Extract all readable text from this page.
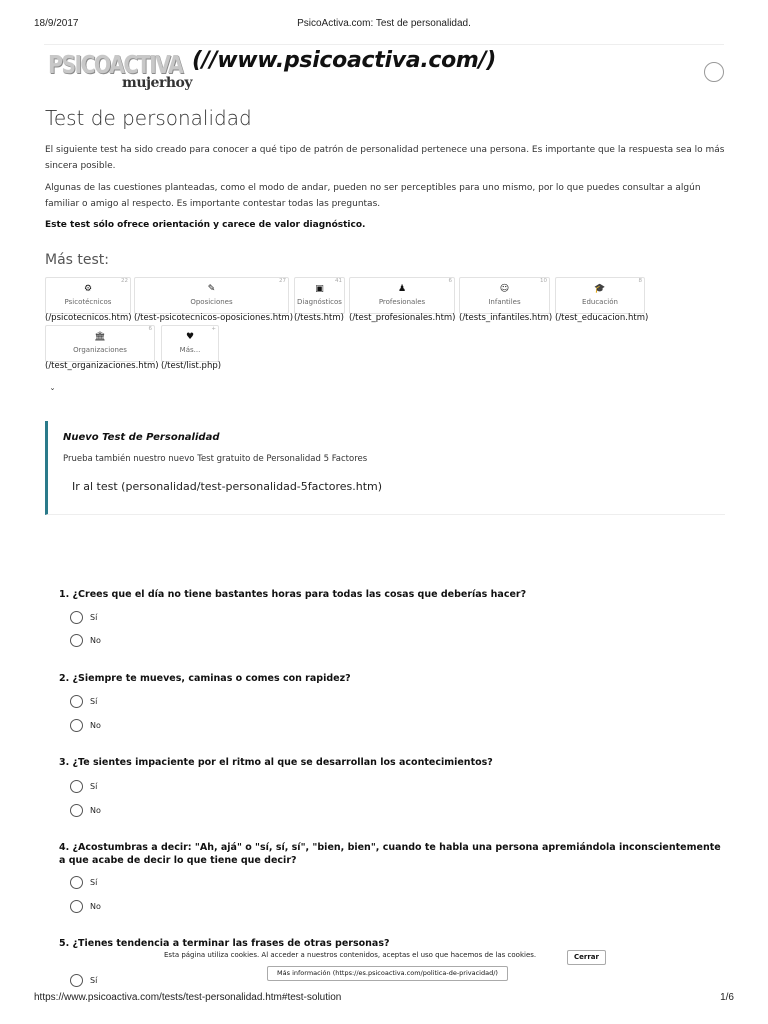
18/9/2017	PsicoActiva.com: Test de personalidad.
PSICOACTIVA
mujerhoy
(//www.psicoactiva.com/)
Test de personalidad

El siguiente test ha sido creado para conocer a qué tipo de patrón de personalidad pertenece una persona. Es importante que la respuesta sea lo más sincera posible.

Algunas de las cuestiones planteadas, como el modo de andar, pueden no ser perceptibles para uno mismo, por lo que puedes consultar a algún familiar o amigo al respecto. Es importante contestar todas las preguntas.

Este test sólo ofrece orientación y carece de valor diagnóstico.

Más test:
⚙
Psicotécnicos
22
(/psicotecnicos.htm)
✎
Oposiciones
27
(/test-psicotecnicos-oposiciones.htm)
▣
Diagnósticos
41
(/tests.htm)
♟
Profesionales
6
(/test_profesionales.htm)
☺
Infantiles
10
(/tests_infantiles.htm)
🎓
Educación
8
(/test_educacion.htm)
🏛
Organizaciones
6
(/test_organizaciones.htm)
♥
Más...
+
(/test/list.php)
ˇ
Nuevo Test de Personalidad
Prueba también nuestro nuevo Test gratuito de Personalidad 5 Factores
Ir al test (personalidad/test-personalidad-5factores.htm)
1. ¿Crees que el día no tiene bastantes horas para todas las cosas que deberías hacer?
Sí
No
2. ¿Siempre te mueves, caminas o comes con rapidez?
Sí
No
3. ¿Te sientes impaciente por el ritmo al que se desarrollan los acontecimientos?
Sí
No
4. ¿Acostumbras a decir: "Ah, ajá" o "sí, sí, sí", "bien, bien", cuando te habla una persona apremiándola inconscientemente a que acabe de decir lo que tiene que decir?
Sí
No
5. ¿Tienes tendencia a terminar las frases de otras personas?
Sí
Esta página utiliza cookies. Al acceder a nuestros contenidos, aceptas el uso que hacemos de las cookies.	Cerrar
Más información (https://es.psicoactiva.com/politica-de-privacidad/)
https://www.psicoactiva.com/tests/test-personalidad.htm#test-solution	1/6
